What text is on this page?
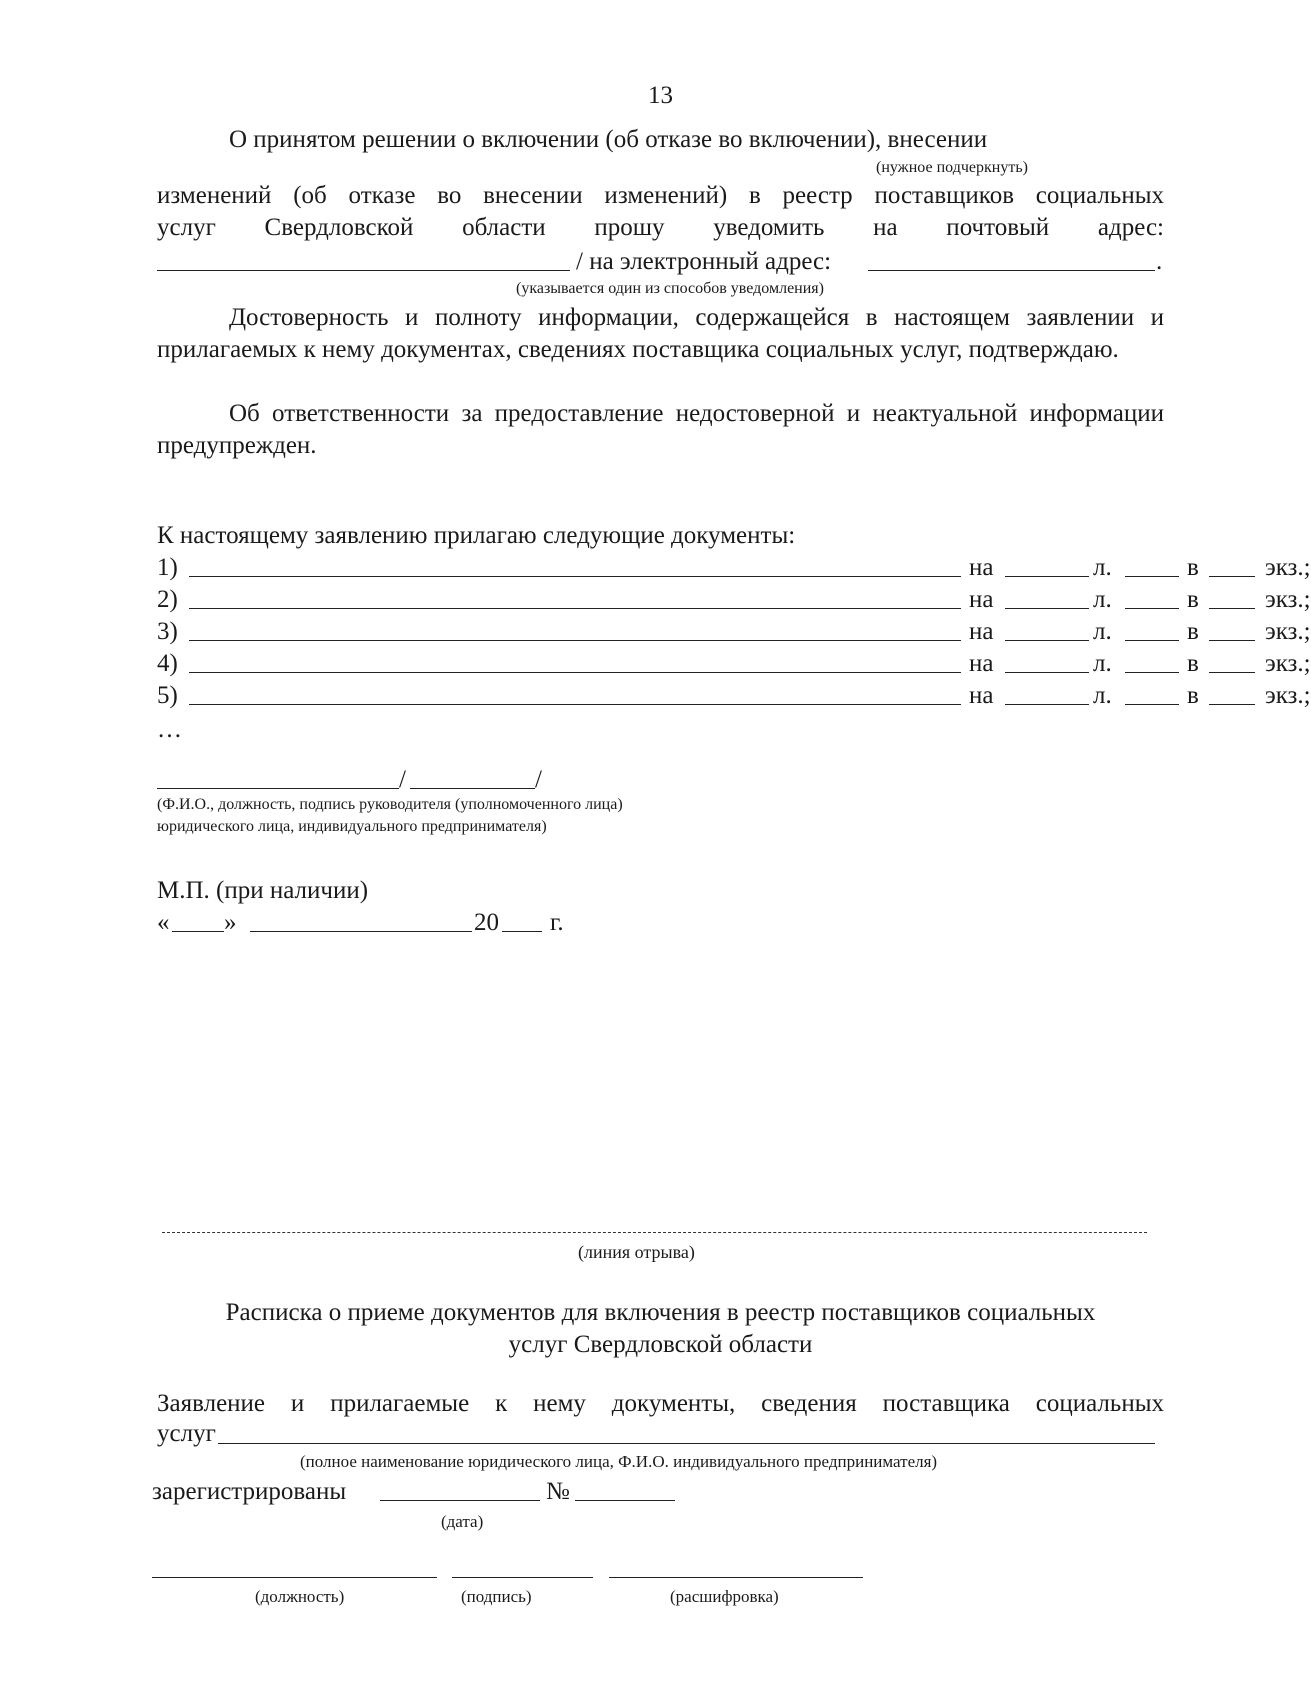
13
О принятом решении о включении (об отказе во включении), внесении
(нужное подчеркнуть)
изменений (об отказе во внесении изменений) в реестр поставщиков социальных
услуг Свердловской области прошу уведомить на почтовый адрес:
/ на электронный адрес:	.
(указывается один из способов уведомления)
Достоверность и полноту информации, содержащейся в настоящем заявлении и прилагаемых к нему документах, сведениях поставщика социальных услуг, подтверждаю.
Об ответственности за предоставление недостоверной и неактуальной информации предупрежден.
К настоящему заявлению прилагаю следующие документы:
1)	на	л.	в	экз.;
2)	на	л.	в	экз.;
3)	на	л.	в	экз.;
4)	на	л.	в	экз.;
5)	на	л.	в	экз.;
…
/	/
(Ф.И.О., должность, подпись руководителя (уполномоченного лица)
юридического лица, индивидуального предпринимателя)
М.П. (при наличии)
« »	20 г.
(линия отрыва)
Расписка о приеме документов для включения в реестр поставщиков социальных
услуг Свердловской области
Заявление и прилагаемые к нему документы, сведения поставщика социальных
услуг
(полное наименование юридического лица, Ф.И.О. индивидуального предпринимателя)
зарегистрированы	№
(дата)
(должность)	(подпись)	(расшифровка)
